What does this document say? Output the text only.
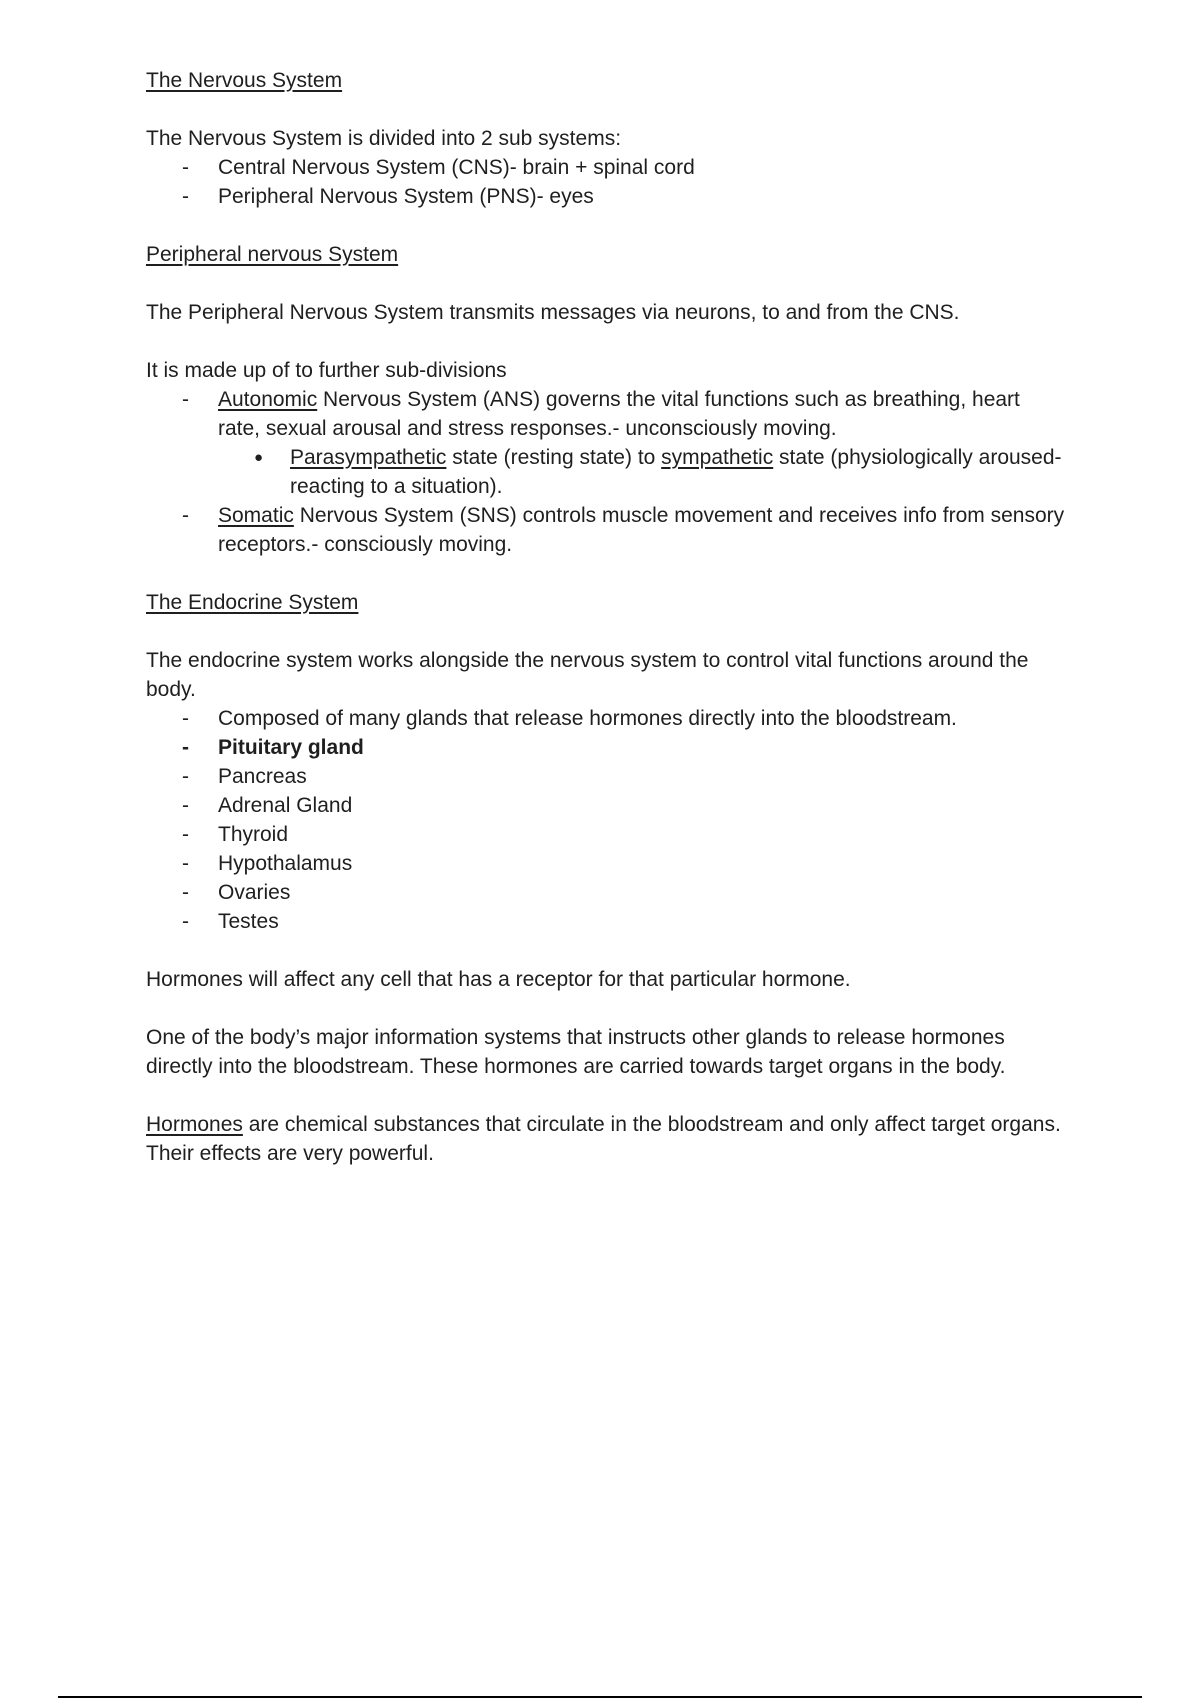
The Nervous System

The Nervous System is divided into 2 sub systems:

- Central Nervous System (CNS)- brain + spinal cord
- Peripheral Nervous System (PNS)- eyes
Peripheral nervous System

The Peripheral Nervous System transmits messages via neurons, to and from the CNS.

It is made up of to further sub-divisions

- Autonomic Nervous System (ANS) governs the vital functions such as breathing, heart rate, sexual arousal and stress responses.- unconsciously moving.
● Parasympathetic state (resting state) to sympathetic state (physiologically aroused- reacting to a situation).
- Somatic Nervous System (SNS) controls muscle movement and receives info from sensory receptors.- consciously moving.
The Endocrine System

The endocrine system works alongside the nervous system to control vital functions around the body.

- Composed of many glands that release hormones directly into the bloodstream.
- Pituitary gland
- Pancreas
- Adrenal Gland
- Thyroid
- Hypothalamus
- Ovaries
- Testes

Hormones will affect any cell that has a receptor for that particular hormone.

One of the body’s major information systems that instructs other glands to release hormones directly into the bloodstream. These hormones are carried towards target organs in the body.

Hormones are chemical substances that circulate in the bloodstream and only affect target organs. Their effects are very powerful.
